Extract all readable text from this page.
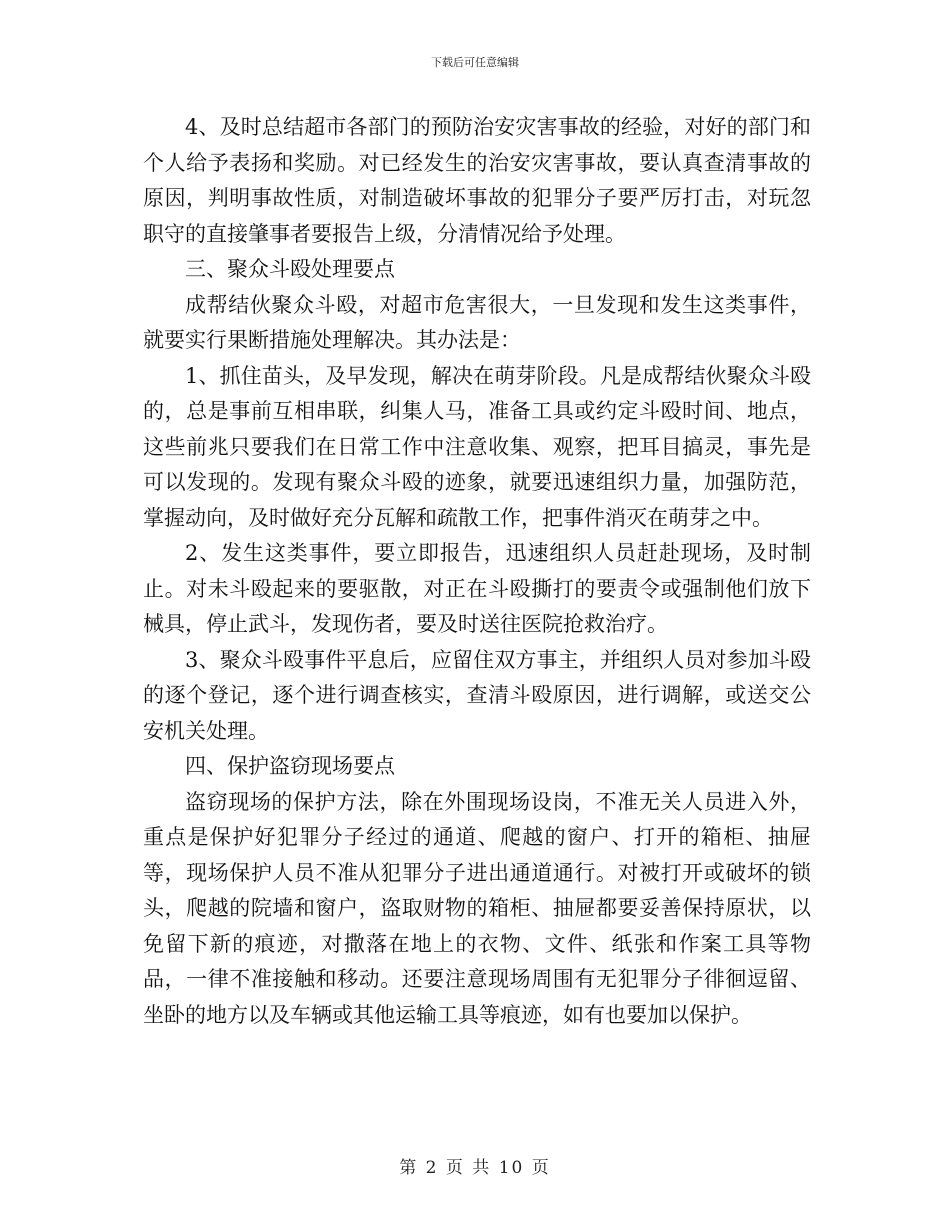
下载后可任意编辑

4、及时总结超市各部门的预防治安灾害事故的经验，对好的部门和个人给予表扬和奖励。对已经发生的治安灾害事故，要认真查清事故的原因，判明事故性质，对制造破坏事故的犯罪分子要严厉打击，对玩忽职守的直接肇事者要报告上级，分清情况给予处理。

三、聚众斗殴处理要点

成帮结伙聚众斗殴，对超市危害很大，一旦发现和发生这类事件，就要实行果断措施处理解决。其办法是：

1、抓住苗头，及早发现，解决在萌芽阶段。凡是成帮结伙聚众斗殴的，总是事前互相串联，纠集人马，准备工具或约定斗殴时间、地点，这些前兆只要我们在日常工作中注意收集、观察，把耳目搞灵，事先是可以发现的。发现有聚众斗殴的迹象，就要迅速组织力量，加强防范，掌握动向，及时做好充分瓦解和疏散工作，把事件消灭在萌芽之中。

2、发生这类事件，要立即报告，迅速组织人员赶赴现场，及时制止。对未斗殴起来的要驱散，对正在斗殴撕打的要责令或强制他们放下械具，停止武斗，发现伤者，要及时送往医院抢救治疗。

3、聚众斗殴事件平息后，应留住双方事主，并组织人员对参加斗殴的逐个登记，逐个进行调查核实，查清斗殴原因，进行调解，或送交公安机关处理。

四、保护盗窃现场要点

盗窃现场的保护方法，除在外围现场设岗，不准无关人员进入外，重点是保护好犯罪分子经过的通道、爬越的窗户、打开的箱柜、抽屉等，现场保护人员不准从犯罪分子进出通道通行。对被打开或破坏的锁头，爬越的院墙和窗户，盗取财物的箱柜、抽屉都要妥善保持原状，以免留下新的痕迹，对撒落在地上的衣物、文件、纸张和作案工具等物品，一律不准接触和移动。还要注意现场周围有无犯罪分子徘徊逗留、坐卧的地方以及车辆或其他运输工具等痕迹，如有也要加以保护。

第 2 页 共 10 页
